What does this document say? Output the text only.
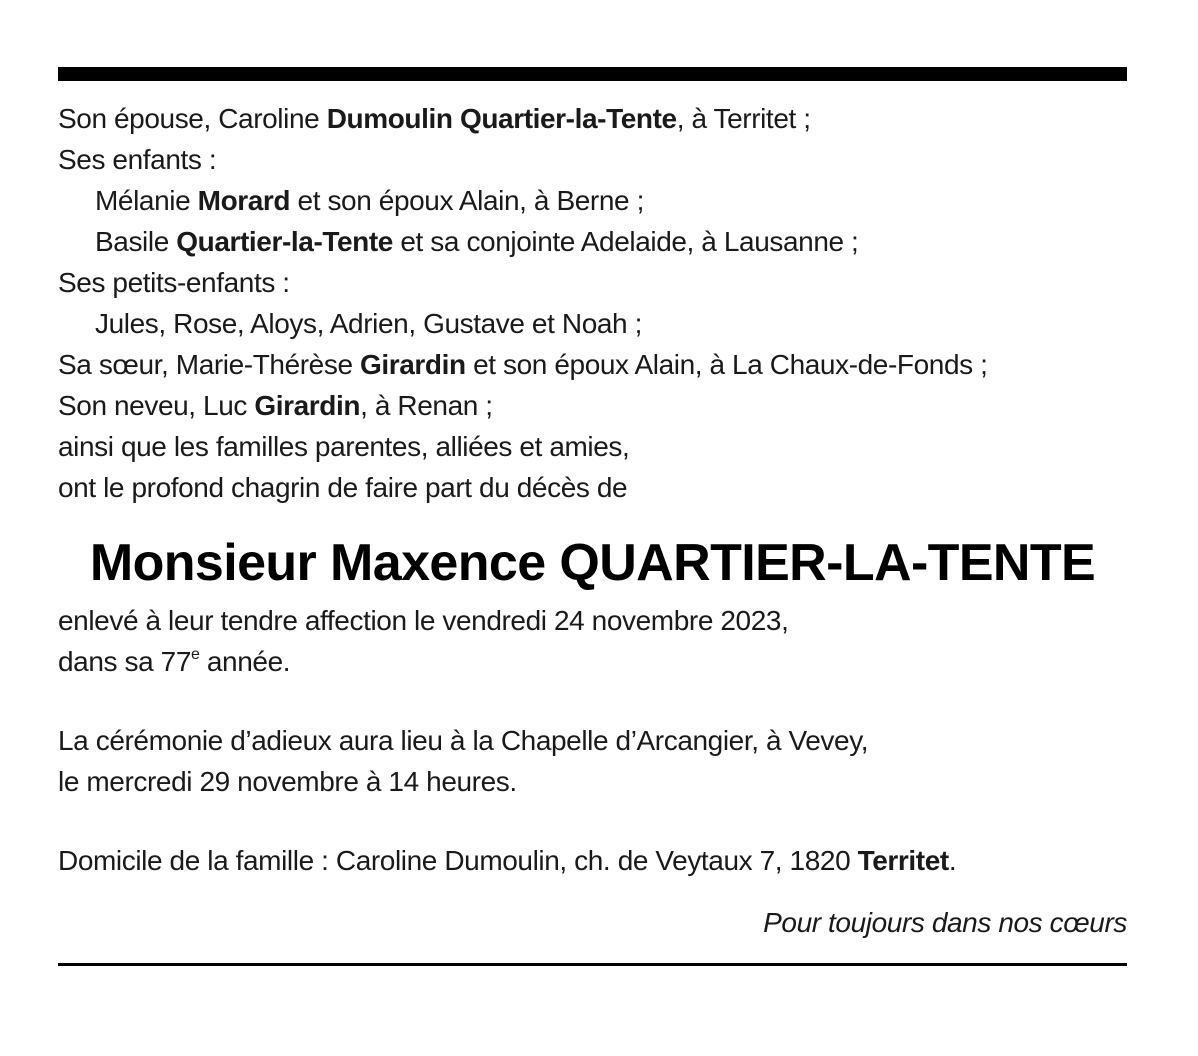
Son épouse, Caroline Dumoulin Quartier-la-Tente, à Territet ;
Ses enfants :
Mélanie Morard et son époux Alain, à Berne ;
Basile Quartier-la-Tente et sa conjointe Adelaide, à Lausanne ;
Ses petits-enfants :
Jules, Rose, Aloys, Adrien, Gustave et Noah ;
Sa sœur, Marie-Thérèse Girardin et son époux Alain, à La Chaux-de-Fonds ;
Son neveu, Luc Girardin, à Renan ;
ainsi que les familles parentes, alliées et amies,
ont le profond chagrin de faire part du décès de
Monsieur Maxence QUARTIER-LA-TENTE
enlevé à leur tendre affection le vendredi 24 novembre 2023,
dans sa 77e année.
La cérémonie d’adieux aura lieu à la Chapelle d’Arcangier, à Vevey,
le mercredi 29 novembre à 14 heures.
Domicile de la famille : Caroline Dumoulin, ch. de Veytaux 7, 1820 Territet.
Pour toujours dans nos cœurs
